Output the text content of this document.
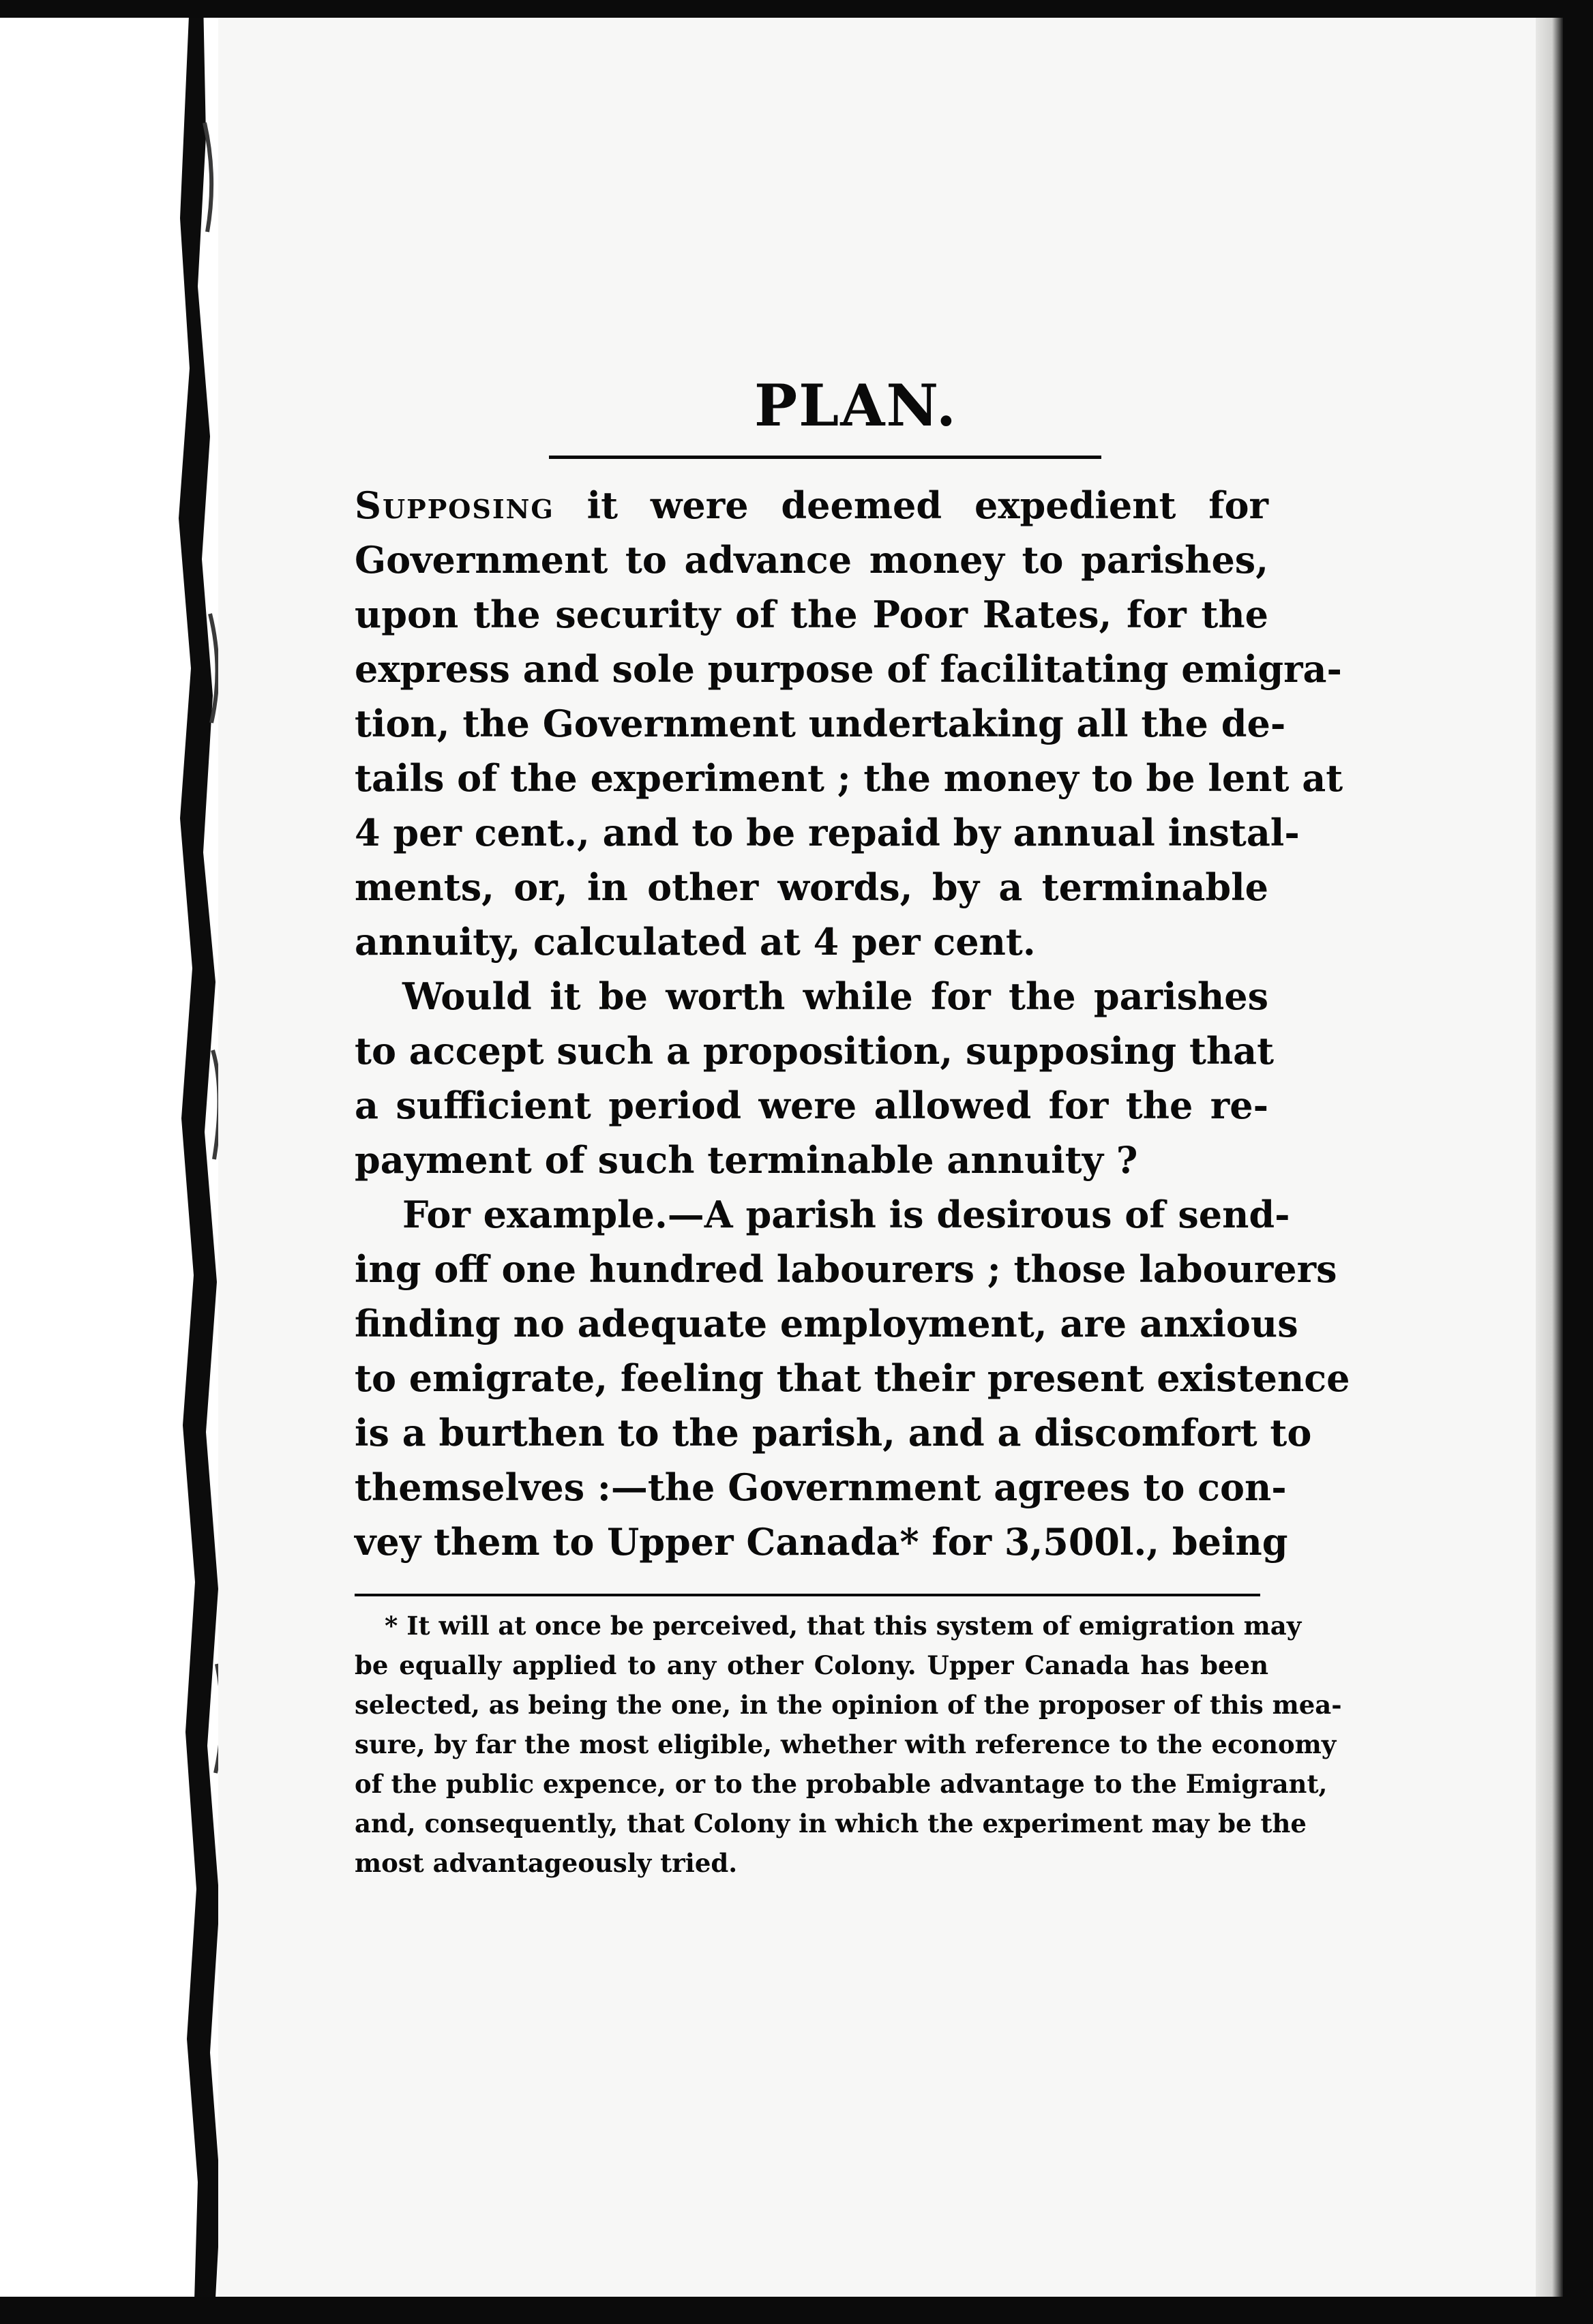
PLAN.
Supposing it were deemed expedient for
Government to advance money to parishes,
upon the security of the Poor Rates, for the
express and sole purpose of facilitating emigra-
tion, the Government undertaking all the de-
tails of the experiment ; the money to be lent at
4 per cent., and to be repaid by annual instal-
ments, or, in other words, by a terminable
annuity, calculated at 4 per cent.
Would it be worth while for the parishes
to accept such a proposition, supposing that
a sufficient period were allowed for the re-
payment of such terminable annuity ?
For example.—A parish is desirous of send-
ing off one hundred labourers ; those labourers
finding no adequate employment, are anxious
to emigrate, feeling that their present existence
is a burthen to the parish, and a discomfort to
themselves :—the Government agrees to con-
vey them to Upper Canada* for 3,500l., being
* It will at once be perceived, that this system of emigration may
be equally applied to any other Colony. Upper Canada has been
selected, as being the one, in the opinion of the proposer of this mea-
sure, by far the most eligible, whether with reference to the economy
of the public expence, or to the probable advantage to the Emigrant,
and, consequently, that Colony in which the experiment may be the
most advantageously tried.
